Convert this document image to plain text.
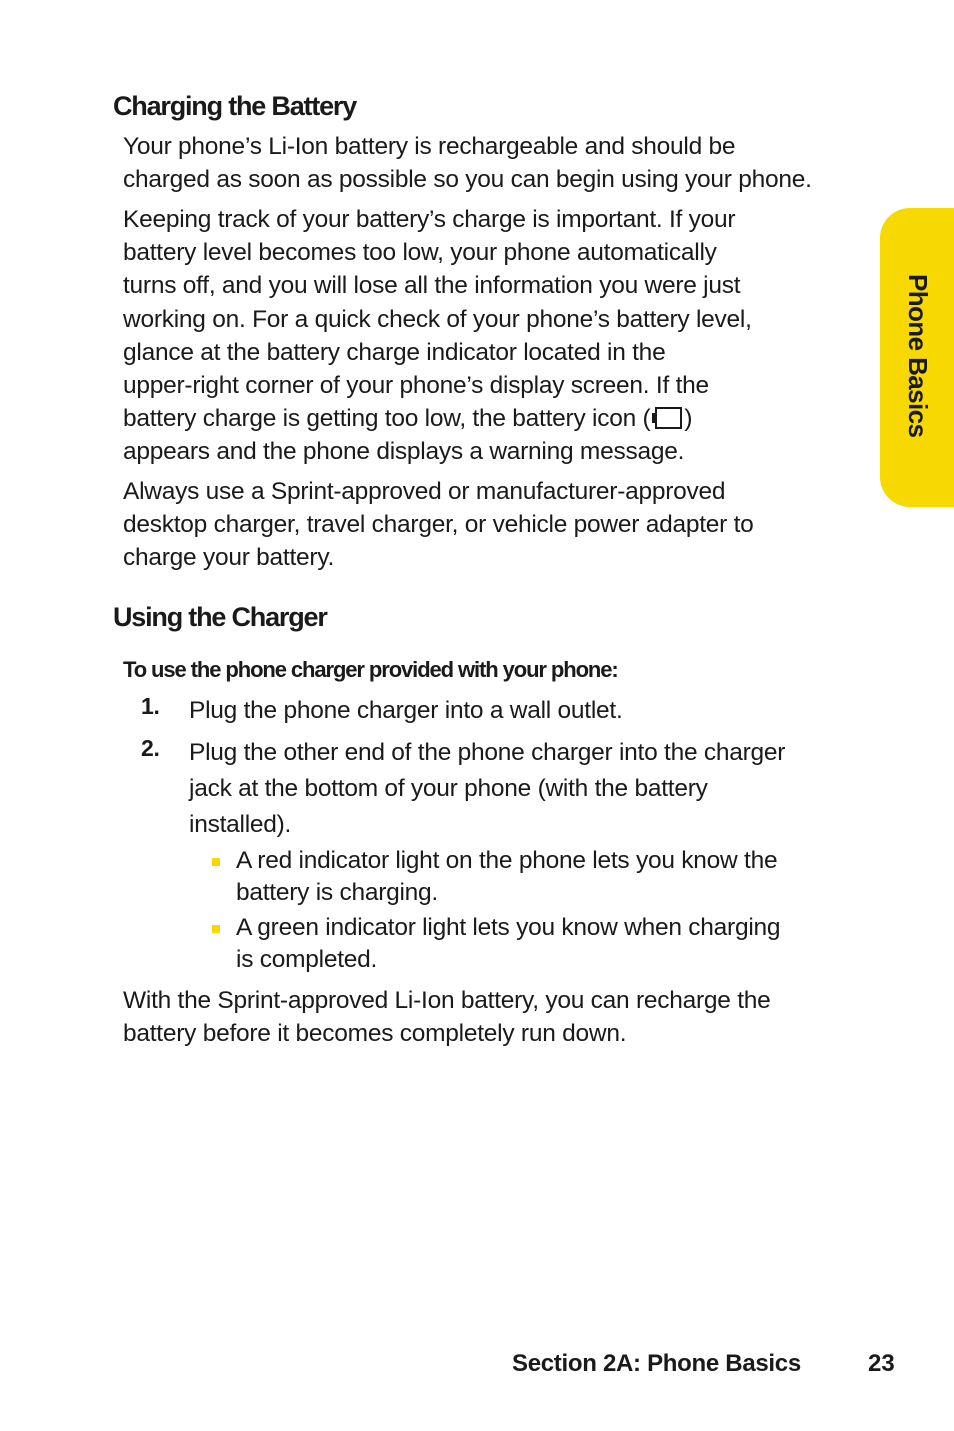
Charging the Battery
Your phone’s Li-Ion battery is rechargeable and should be
charged as soon as possible so you can begin using your phone.
Keeping track of your battery’s charge is important. If your
battery level becomes too low, your phone automatically
turns off, and you will lose all the information you were just
working on. For a quick check of your phone’s battery level,
glance at the battery charge indicator located in the
upper-right corner of your phone’s display screen. If the
battery charge is getting too low, the battery icon ( )
appears and the phone displays a warning message.
Always use a Sprint-approved or manufacturer-approved
desktop charger, travel charger, or vehicle power adapter to
charge your battery.
Using the Charger
To use the phone charger provided with your phone:
1. Plug the phone charger into a wall outlet.
2. Plug the other end of the phone charger into the charger
jack at the bottom of your phone (with the battery
installed).
A red indicator light on the phone lets you know the
battery is charging.
A green indicator light lets you know when charging
is completed.
With the Sprint-approved Li-Ion battery, you can recharge the
battery before it becomes completely run down.
Phone Basics
Section 2A: Phone Basics	23
